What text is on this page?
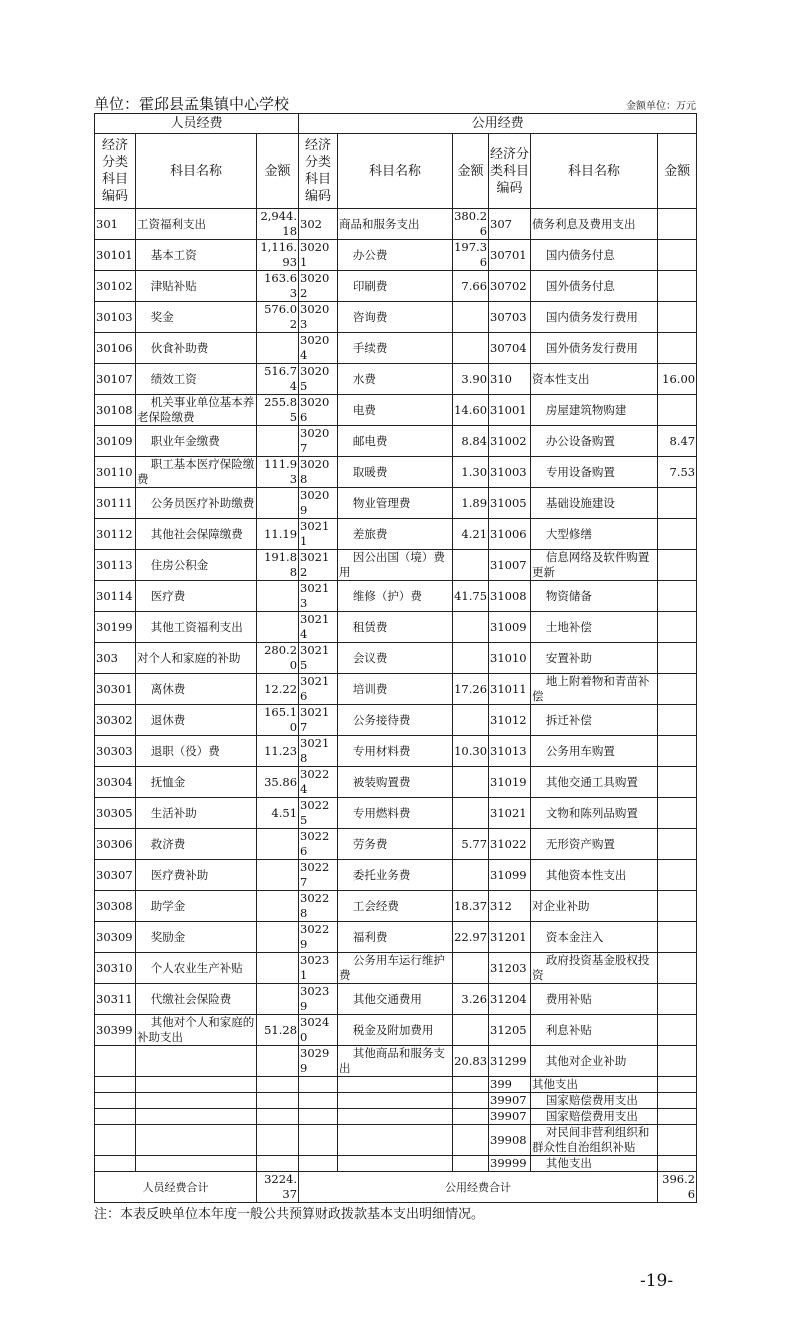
单位：霍邱县孟集镇中心学校	金额单位：万元
人员经费			公用经费					
经济分类科目编码	科目名称	金额	经济分类科目编码	科目名称	金额	经济分类科目编码	科目名称	金额
301	工资福利支出	2,944.18	302	商品和服务支出	380.26	307	债务利息及费用支出	
30101	基本工资	1,116.93	30201	办公费	197.36	30701	国内债务付息	
30102	津贴补贴	163.63	30202	印刷费	7.66	30702	国外债务付息	
30103	奖金	576.02	30203	咨询费		30703	国内债务发行费用	
30106	伙食补助费		30204	手续费		30704	国外债务发行费用	
30107	绩效工资	516.74	30205	水费	3.90	310	资本性支出	16.00
30108	机关事业单位基本养老保险缴费	255.85	30206	电费	14.60	31001	房屋建筑物购建	
30109	职业年金缴费		30207	邮电费	8.84	31002	办公设备购置	8.47
30110	职工基本医疗保险缴费	111.93	30208	取暖费	1.30	31003	专用设备购置	7.53
30111	公务员医疗补助缴费		30209	物业管理费	1.89	31005	基础设施建设	
30112	其他社会保障缴费	11.19	30211	差旅费	4.21	31006	大型修缮	
30113	住房公积金	191.88	30212	因公出国（境）费用		31007	信息网络及软件购置更新	
30114	医疗费		30213	维修（护）费	41.75	31008	物资储备	
30199	其他工资福利支出		30214	租赁费		31009	土地补偿	
303	对个人和家庭的补助	280.20	30215	会议费		31010	安置补助	
30301	离休费	12.22	30216	培训费	17.26	31011	地上附着物和青苗补偿	
30302	退休费	165.10	30217	公务接待费		31012	拆迁补偿	
30303	退职（役）费	11.23	30218	专用材料费	10.30	31013	公务用车购置	
30304	抚恤金	35.86	30224	被装购置费		31019	其他交通工具购置	
30305	生活补助	4.51	30225	专用燃料费		31021	文物和陈列品购置	
30306	救济费		30226	劳务费	5.77	31022	无形资产购置	
30307	医疗费补助		30227	委托业务费		31099	其他资本性支出	
30308	助学金		30228	工会经费	18.37	312	对企业补助	
30309	奖励金		30229	福利费	22.97	31201	资本金注入	
30310	个人农业生产补贴		30231	公务用车运行维护费		31203	政府投资基金股权投资	
30311	代缴社会保险费		30239	其他交通费用	3.26	31204	费用补贴	
30399	其他对个人和家庭的补助支出	51.28	30240	税金及附加费用		31205	利息补贴	
			30299	其他商品和服务支出	20.83	31299	其他对企业补助	
						399	其他支出	
						39907	国家赔偿费用支出	
						39907	国家赔偿费用支出	
						39908	对民间非营利组织和群众性自治组织补贴	
						39999	其他支出	
人员经费合计		3224.37	公用经费合计					396.26
注：本表反映单位本年度一般公共预算财政拨款基本支出明细情况。
-19-
